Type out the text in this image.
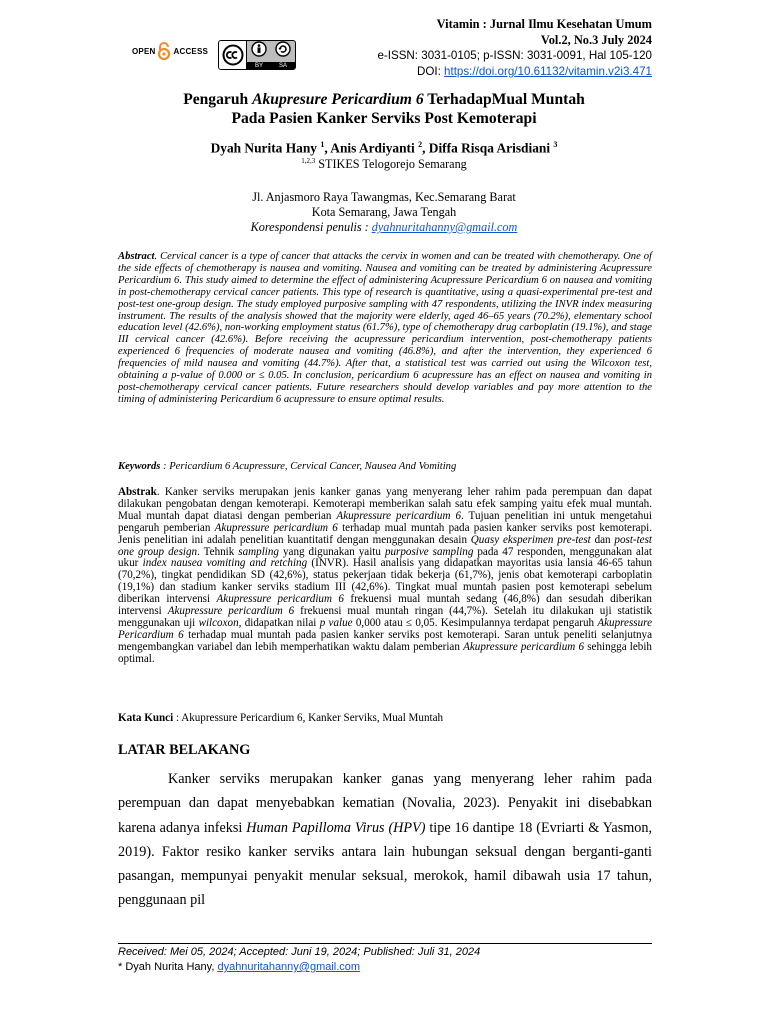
OPEN ACCESS
BY	SA
Vitamin : Jurnal Ilmu Kesehatan Umum
Vol.2, No.3 July 2024
e-ISSN: 3031-0105; p-ISSN: 3031-0091, Hal 105-120
DOI: https://doi.org/10.61132/vitamin.v2i3.471
Pengaruh Akupresure Pericardium 6 TerhadapMual Muntah
Pada Pasien Kanker Serviks Post Kemoterapi
Dyah Nurita Hany $^1$, Anis Ardiyanti $^2$, Diffa Risqa Arisdiani $^3$
$^{1,2,3}$ STIKES Telogorejo Semarang
Jl. Anjasmoro Raya Tawangmas, Kec.Semarang Barat
Kota Semarang, Jawa Tengah
Korespondensi penulis : dyahnuritahanny@gmail.com
Abstract. Cervical cancer is a type of cancer that attacks the cervix in women and can be treated with chemotherapy. One of the side effects of chemotherapy is nausea and vomiting. Nausea and vomiting can be treated by administering Acupressure Pericardium 6. This study aimed to determine the effect of administering Acupressure Pericardium 6 on nausea and vomiting in post-chemotherapy cervical cancer patients. This type of research is quantitative, using a quasi-experimental pre-test and post-test one-group design. The study employed purposive sampling with 47 respondents, utilizing the INVR index measuring instrument. The results of the analysis showed that the majority were elderly, aged 46–65 years (70.2%), elementary school education level (42.6%), non-working employment status (61.7%), type of chemotherapy drug carboplatin (19.1%), and stage III cervical cancer (42.6%). Before receiving the acupressure pericardium intervention, post-chemotherapy patients experienced 6 frequencies of moderate nausea and vomiting (46.8%), and after the intervention, they experienced 6 frequencies of mild nausea and vomiting (44.7%). After that, a statistical test was carried out using the Wilcoxon test, obtaining a p-value of 0.000 or ≤ 0.05. In conclusion, pericardium 6 acupressure has an effect on nausea and vomiting in post-chemotherapy cervical cancer patients. Future researchers should develop variables and pay more attention to the timing of administering Pericardium 6 acupressure to ensure optimal results.
Keywords : Pericardium 6 Acupressure, Cervical Cancer, Nausea And Vomiting
Abstrak. Kanker serviks merupakan jenis kanker ganas yang menyerang leher rahim pada perempuan dan dapat dilakukan pengobatan dengan kemoterapi. Kemoterapi memberikan salah satu efek samping yaitu efek mual muntah. Mual muntah dapat diatasi dengan pemberian Akupressure pericardium 6. Tujuan penelitian ini untuk mengetahui pengaruh pemberian Akupressure pericardium 6 terhadap mual muntah pada pasien kanker serviks post kemoterapi. Jenis penelitian ini adalah penelitian kuantitatif dengan menggunakan desain Quasy eksperimen pre-test dan post-test one group design. Tehnik sampling yang digunakan yaitu purposive sampling pada 47 responden, menggunakan alat ukur index nausea vomiting and retching (INVR). Hasil analisis yang didapatkan mayoritas usia lansia 46-65 tahun (70,2%), tingkat pendidikan SD (42,6%), status pekerjaan tidak bekerja (61,7%), jenis obat kemoterapi carboplatin (19,1%) dan stadium kanker serviks stadium III (42,6%). Tingkat mual muntah pasien post kemoterapi sebelum diberikan intervensi Akupressure pericardium 6 frekuensi mual muntah sedang (46,8%) dan sesudah diberikan intervensi Akupressure pericardium 6 frekuensi mual muntah ringan (44,7%). Setelah itu dilakukan uji statistik menggunakan uji wilcoxon, didapatkan nilai p value 0,000 atau ≤ 0,05. Kesimpulannya terdapat pengaruh Akupressure Pericardium 6 terhadap mual muntah pada pasien kanker serviks post kemoterapi. Saran untuk peneliti selanjutnya mengembangkan variabel dan lebih memperhatikan waktu dalam pemberian Akupressure pericardium 6 sehingga lebih optimal.
Kata Kunci : Akupressure Pericardium 6, Kanker Serviks, Mual Muntah
LATAR BELAKANG
Kanker serviks merupakan kanker ganas yang menyerang leher rahim pada perempuan dan dapat menyebabkan kematian (Novalia, 2023). Penyakit ini disebabkan karena adanya infeksi Human Papilloma Virus (HPV) tipe 16 dantipe 18 (Evriarti & Yasmon, 2019). Faktor resiko kanker serviks antara lain hubungan seksual dengan berganti-ganti pasangan, mempunyai penyakit menular seksual, merokok, hamil dibawah usia 17 tahun, penggunaan pil
Received: Mei 05, 2024; Accepted: Juni 19, 2024; Published: Juli 31, 2024
* Dyah Nurita Hany, dyahnuritahanny@gmail.com
